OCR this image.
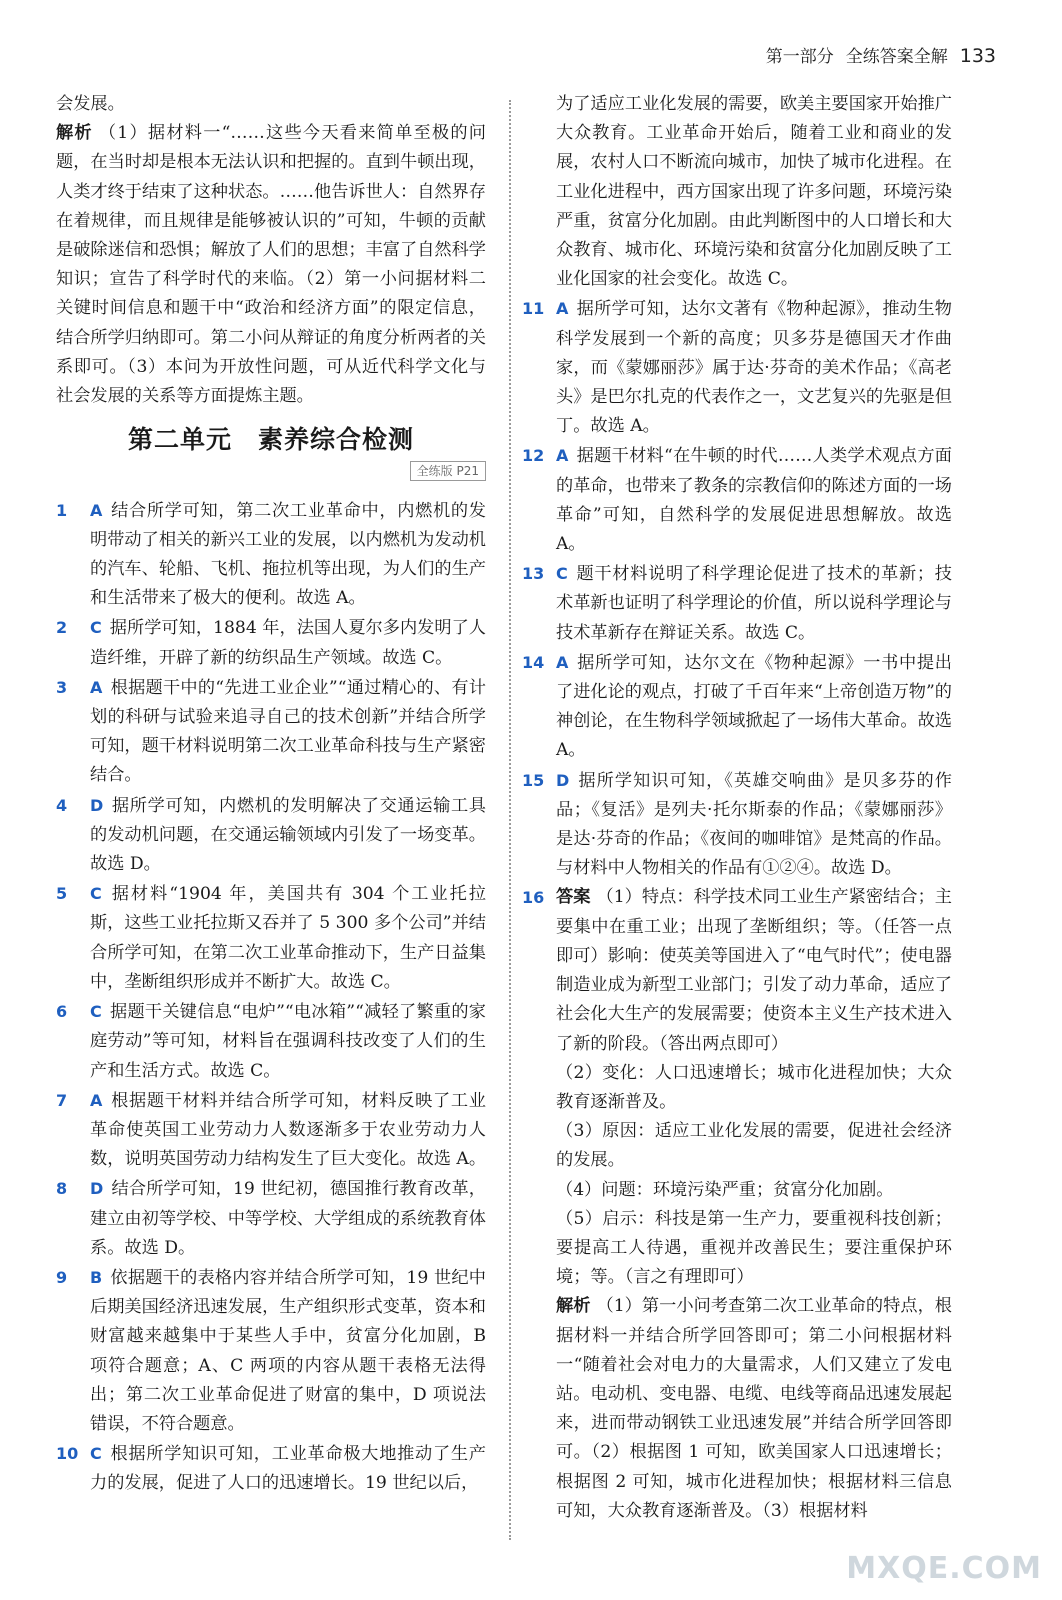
第一部分 全练答案全解 133

会发展。

解析 （1）据材料一“……这些今天看来简单至极的问题，在当时却是根本无法认识和把握的。直到牛顿出现，人类才终于结束了这种状态。……他告诉世人：自然界存在着规律，而且规律是能够被认识的”可知，牛顿的贡献是破除迷信和恐惧；解放了人们的思想；丰富了自然科学知识；宣告了科学时代的来临。（2）第一小问据材料二关键时间信息和题干中“政治和经济方面”的限定信息，结合所学归纳即可。第二小问从辩证的角度分析两者的关系即可。（3）本问为开放性问题，可从近代科学文化与社会发展的关系等方面提炼主题。

第二单元　素养综合检测
全练版 P21
1	A 结合所学可知，第二次工业革命中，内燃机的发明带动了相关的新兴工业的发展，以内燃机为发动机的汽车、轮船、飞机、拖拉机等出现，为人们的生产和生活带来了极大的便利。故选 A。
2	C 据所学可知，1884 年，法国人夏尔多内发明了人造纤维，开辟了新的纺织品生产领域。故选 C。
3	A 根据题干中的“先进工业企业”“通过精心的、有计划的科研与试验来追寻自己的技术创新”并结合所学可知，题干材料说明第二次工业革命科技与生产紧密结合。
4	D 据所学可知，内燃机的发明解决了交通运输工具的发动机问题，在交通运输领域内引发了一场变革。故选 D。
5	C 据材料“1904 年，美国共有 304 个工业托拉斯，这些工业托拉斯又吞并了 5 300 多个公司”并结合所学可知，在第二次工业革命推动下，生产日益集中，垄断组织形成并不断扩大。故选 C。
6	C 据题干关键信息“电炉”“电冰箱”“减轻了繁重的家庭劳动”等可知，材料旨在强调科技改变了人们的生产和生活方式。故选 C。
7	A 根据题干材料并结合所学可知，材料反映了工业革命使英国工业劳动力人数逐渐多于农业劳动力人数，说明英国劳动力结构发生了巨大变化。故选 A。
8	D 结合所学可知，19 世纪初，德国推行教育改革，建立由初等学校、中等学校、大学组成的系统教育体系。故选 D。
9	B 依据题干的表格内容并结合所学可知，19 世纪中后期美国经济迅速发展，生产组织形式变革，资本和财富越来越集中于某些人手中，贫富分化加剧，B 项符合题意；A、C 两项的内容从题干表格无法得出；第二次工业革命促进了财富的集中，D 项说法错误，不符合题意。
10 C 根据所学知识可知，工业革命极大地推动了生产力的发展，促进了人口的迅速增长。19 世纪以后，

为了适应工业化发展的需要，欧美主要国家开始推广大众教育。工业革命开始后，随着工业和商业的发展，农村人口不断流向城市，加快了城市化进程。在工业化进程中，西方国家出现了许多问题，环境污染严重，贫富分化加剧。由此判断图中的人口增长和大众教育、城市化、环境污染和贫富分化加剧反映了工业化国家的社会变化。故选 C。

11 A 据所学可知，达尔文著有《物种起源》，推动生物科学发展到一个新的高度；贝多芬是德国天才作曲家，而《蒙娜丽莎》属于达·芬奇的美术作品；《高老头》是巴尔扎克的代表作之一，文艺复兴的先驱是但丁。故选 A。
12 A 据题干材料“在牛顿的时代……人类学术观点方面的革命，也带来了教条的宗教信仰的陈述方面的一场革命”可知，自然科学的发展促进思想解放。故选 A。
13 C 题干材料说明了科学理论促进了技术的革新；技术革新也证明了科学理论的价值，所以说科学理论与技术革新存在辩证关系。故选 C。
14 A 据所学可知，达尔文在《物种起源》一书中提出了进化论的观点，打破了千百年来“上帝创造万物”的神创论，在生物科学领域掀起了一场伟大革命。故选 A。
15 D 据所学知识可知，《英雄交响曲》是贝多芬的作品；《复活》是列夫·托尔斯泰的作品；《蒙娜丽莎》是达·芬奇的作品；《夜间的咖啡馆》是梵高的作品。与材料中人物相关的作品有①②④。故选 D。
16 答案 （1）特点：科学技术同工业生产紧密结合；主要集中在重工业；出现了垄断组织；等。（任答一点即可）影响：使英美等国进入了“电气时代”；使电器制造业成为新型工业部门；引发了动力革命，适应了社会化大生产的发展需要；使资本主义生产技术进入了新的阶段。（答出两点即可）

（2）变化：人口迅速增长；城市化进程加快；大众教育逐渐普及。

（3）原因：适应工业化发展的需要，促进社会经济的发展。

（4）问题：环境污染严重；贫富分化加剧。

（5）启示：科技是第一生产力，要重视科技创新；要提高工人待遇，重视并改善民生；要注重保护环境；等。（言之有理即可）

解析 （1）第一小问考查第二次工业革命的特点，根据材料一并结合所学回答即可；第二小问根据材料一“随着社会对电力的大量需求，人们又建立了发电站。电动机、变电器、电缆、电线等商品迅速发展起来，进而带动钢铁工业迅速发展”并结合所学回答即可。（2）根据图 1 可知，欧美国家人口迅速增长；根据图 2 可知，城市化进程加快；根据材料三信息可知，大众教育逐渐普及。（3）根据材料

MXQE.COM
